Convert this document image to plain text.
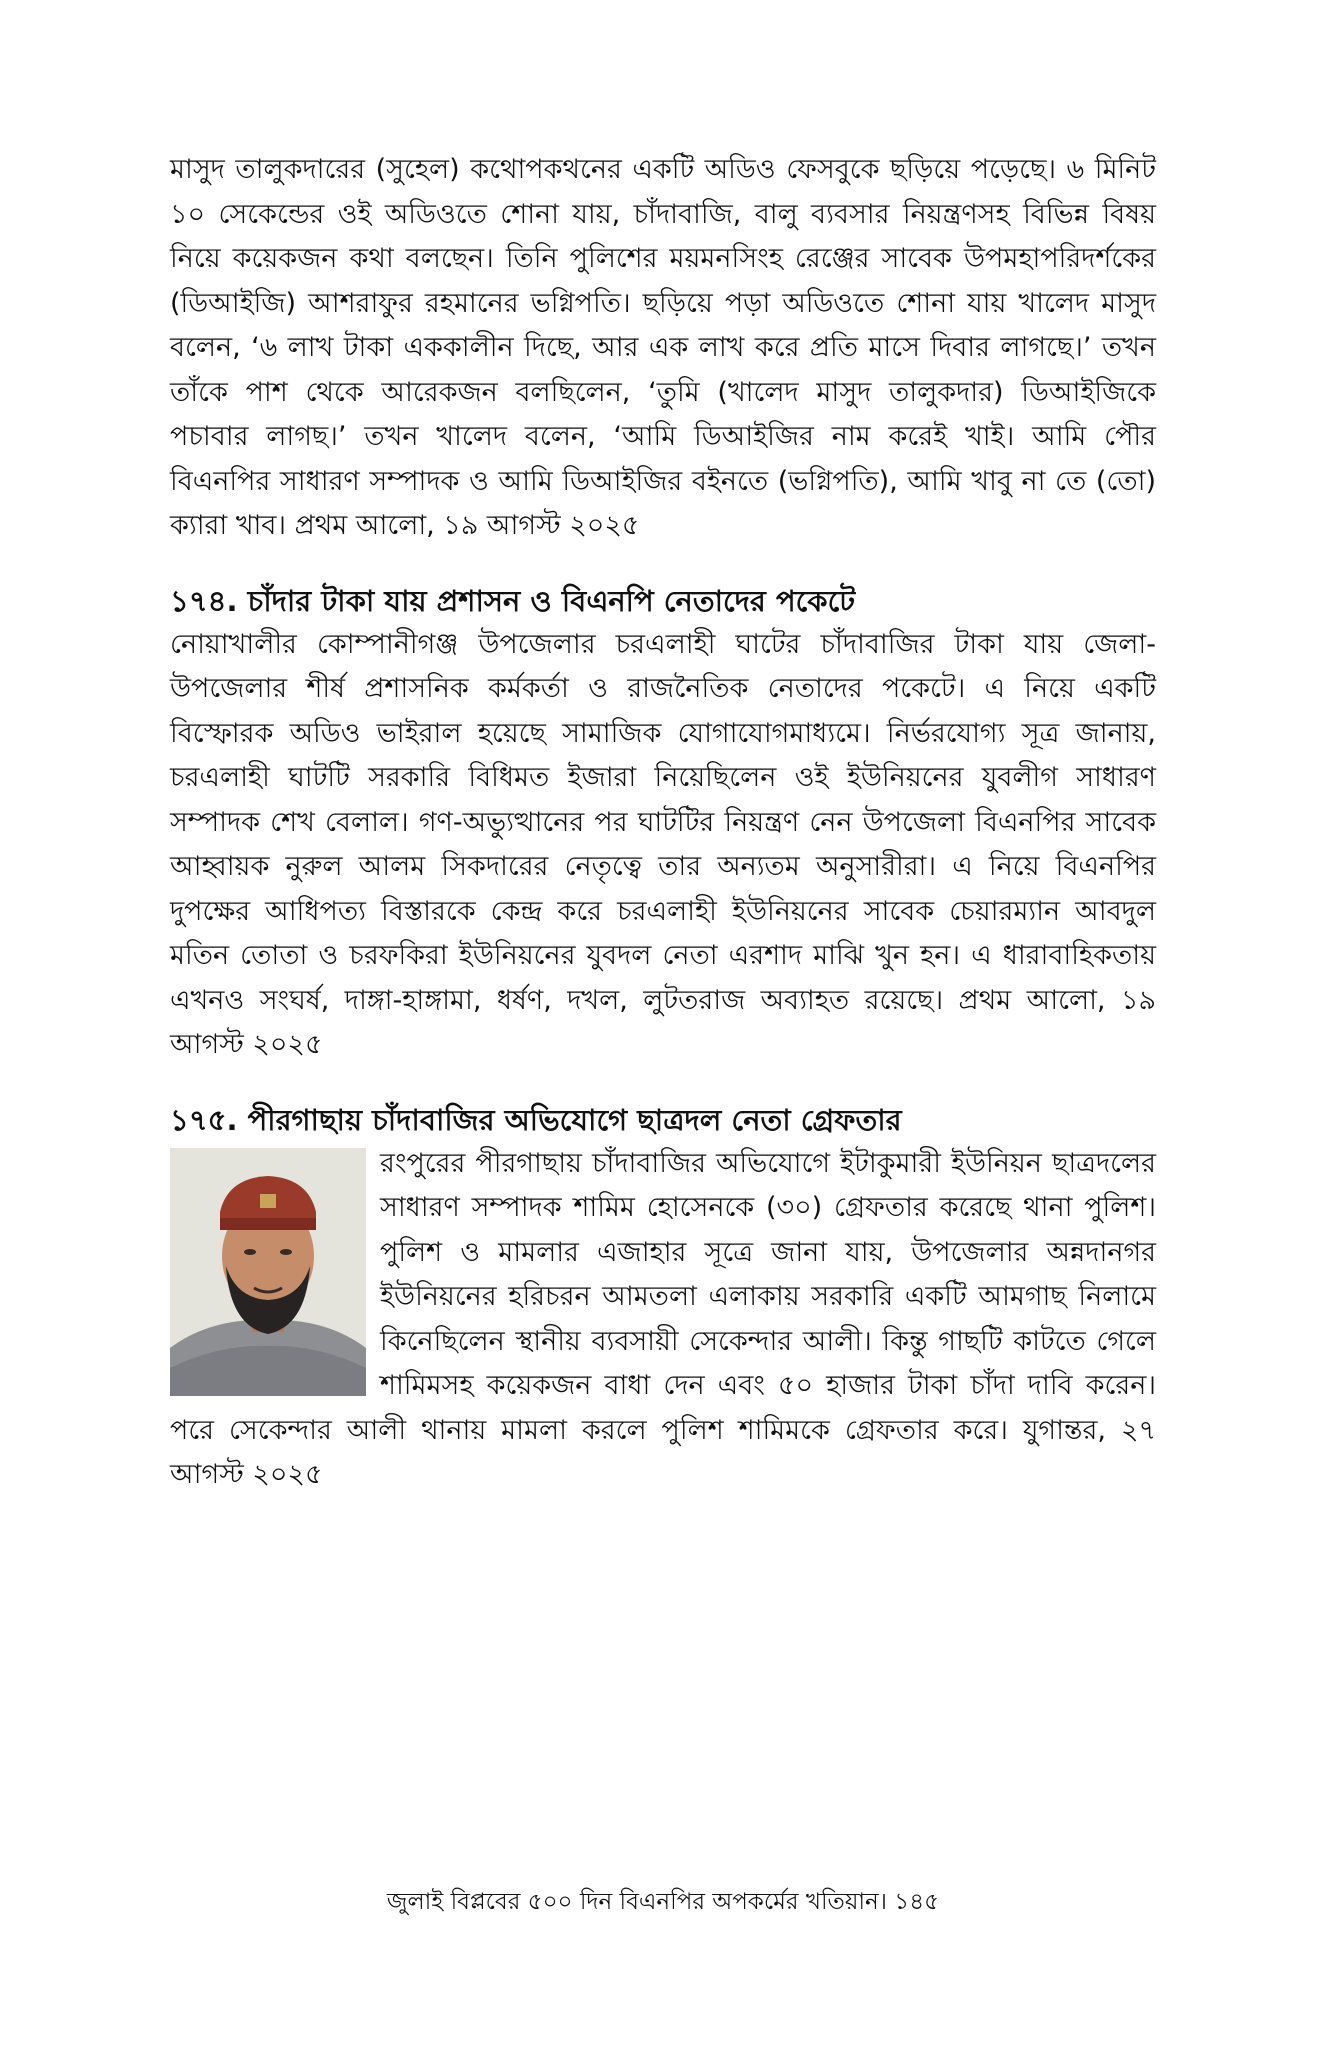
মাসুদ তালুকদারের (সুহেল) কথোপকথনের একটি অডিও ফেসবুকে ছড়িয়ে পড়েছে। ৬ মিনিট ১০ সেকেন্ডের ওই অডিওতে শোনা যায়, চাঁদাবাজি, বালু ব্যবসার নিয়ন্ত্রণসহ বিভিন্ন বিষয় নিয়ে কয়েকজন কথা বলছেন। তিনি পুলিশের ময়মনসিংহ রেঞ্জের সাবেক উপমহাপরিদর্শকের (ডিআইজি) আশরাফুর রহমানের ভগ্নিপতি। ছড়িয়ে পড়া অডিওতে শোনা যায় খালেদ মাসুদ বলেন, ‘৬ লাখ টাকা এককালীন দিছে, আর এক লাখ করে প্রতি মাসে দিবার লাগছে।’ তখন তাঁকে পাশ থেকে আরেকজন বলছিলেন, ‘তুমি (খালেদ মাসুদ তালুকদার) ডিআইজিকে পচাবার লাগছ।’ তখন খালেদ বলেন, ‘আমি ডিআইজির নাম করেই খাই। আমি পৌর বিএনপির সাধারণ সম্পাদক ও আমি ডিআইজির বইনতে (ভগ্নিপতি), আমি খাবু না তে (তো) ক্যারা খাব। প্রথম আলো, ১৯ আগস্ট ২০২৫

১৭৪. চাঁদার টাকা যায় প্রশাসন ও বিএনপি নেতাদের পকেটে

নোয়াখালীর কোম্পানীগঞ্জ উপজেলার চরএলাহী ঘাটের চাঁদাবাজির টাকা যায় জেলা-উপজেলার শীর্ষ প্রশাসনিক কর্মকর্তা ও রাজনৈতিক নেতাদের পকেটে। এ নিয়ে একটি বিস্ফোরক অডিও ভাইরাল হয়েছে সামাজিক যোগাযোগমাধ্যমে। নির্ভরযোগ্য সূত্র জানায়, চরএলাহী ঘাটটি সরকারি বিধিমত ইজারা নিয়েছিলেন ওই ইউনিয়নের যুবলীগ সাধারণ সম্পাদক শেখ বেলাল। গণ-অভ্যুত্থানের পর ঘাটটির নিয়ন্ত্রণ নেন উপজেলা বিএনপির সাবেক আহ্বায়ক নুরুল আলম সিকদারের নেতৃত্বে তার অন্যতম অনুসারীরা। এ নিয়ে বিএনপির দুপক্ষের আধিপত্য বিস্তারকে কেন্দ্র করে চরএলাহী ইউনিয়নের সাবেক চেয়ারম্যান আবদুল মতিন তোতা ও চরফকিরা ইউনিয়নের যুবদল নেতা এরশাদ মাঝি খুন হন। এ ধারাবাহিকতায় এখনও সংঘর্ষ, দাঙ্গা-হাঙ্গামা, ধর্ষণ, দখল, লুটতরাজ অব্যাহত রয়েছে। প্রথম আলো, ১৯ আগস্ট ২০২৫

১৭৫. পীরগাছায় চাঁদাবাজির অভিযোগে ছাত্রদল নেতা গ্রেফতার

রংপুরের পীরগাছায় চাঁদাবাজির অভিযোগে ইটাকুমারী ইউনিয়ন ছাত্রদলের সাধারণ সম্পাদক শামিম হোসেনকে (৩০) গ্রেফতার করেছে থানা পুলিশ। পুলিশ ও মামলার এজাহার সূত্রে জানা যায়, উপজেলার অন্নদানগর ইউনিয়নের হরিচরন আমতলা এলাকায় সরকারি একটি আমগাছ নিলামে কিনেছিলেন স্থানীয় ব্যবসায়ী সেকেন্দার আলী। কিন্তু গাছটি কাটতে গেলে শামিমসহ কয়েকজন বাধা দেন এবং ৫০ হাজার টাকা চাঁদা দাবি করেন। পরে সেকেন্দার আলী থানায় মামলা করলে পুলিশ শামিমকে গ্রেফতার করে। যুগান্তর, ২৭ আগস্ট ২০২৫

জুলাই বিপ্লবের ৫০০ দিন বিএনপির অপকর্মের খতিয়ান। ১৪৫
